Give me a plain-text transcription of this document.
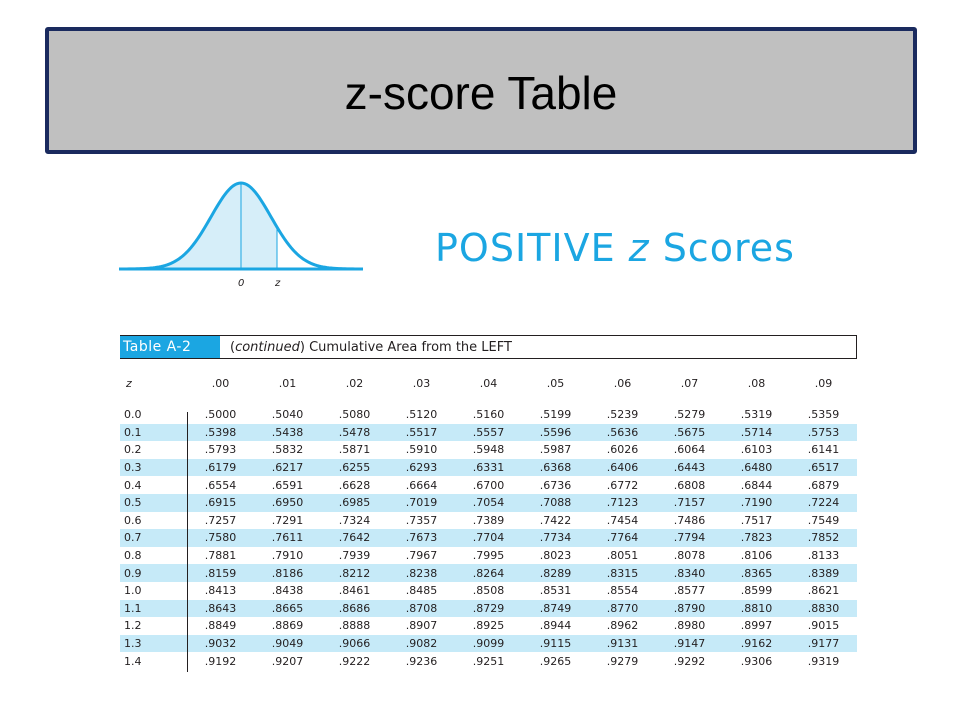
z-score Table
0	z
POSITIVE z Scores
Table A-2	(continued) Cumulative Area from the LEFT
z	.00	.01	.02	.03	.04	.05	.06	.07	.08	.09
0.0	.5000	.5040	.5080	.5120	.5160	.5199	.5239	.5279	.5319	.5359
0.1	.5398	.5438	.5478	.5517	.5557	.5596	.5636	.5675	.5714	.5753
0.2	.5793	.5832	.5871	.5910	.5948	.5987	.6026	.6064	.6103	.6141
0.3	.6179	.6217	.6255	.6293	.6331	.6368	.6406	.6443	.6480	.6517
0.4	.6554	.6591	.6628	.6664	.6700	.6736	.6772	.6808	.6844	.6879
0.5	.6915	.6950	.6985	.7019	.7054	.7088	.7123	.7157	.7190	.7224
0.6	.7257	.7291	.7324	.7357	.7389	.7422	.7454	.7486	.7517	.7549
0.7	.7580	.7611	.7642	.7673	.7704	.7734	.7764	.7794	.7823	.7852
0.8	.7881	.7910	.7939	.7967	.7995	.8023	.8051	.8078	.8106	.8133
0.9	.8159	.8186	.8212	.8238	.8264	.8289	.8315	.8340	.8365	.8389
1.0	.8413	.8438	.8461	.8485	.8508	.8531	.8554	.8577	.8599	.8621
1.1	.8643	.8665	.8686	.8708	.8729	.8749	.8770	.8790	.8810	.8830
1.2	.8849	.8869	.8888	.8907	.8925	.8944	.8962	.8980	.8997	.9015
1.3	.9032	.9049	.9066	.9082	.9099	.9115	.9131	.9147	.9162	.9177
1.4	.9192	.9207	.9222	.9236	.9251	.9265	.9279	.9292	.9306	.9319
